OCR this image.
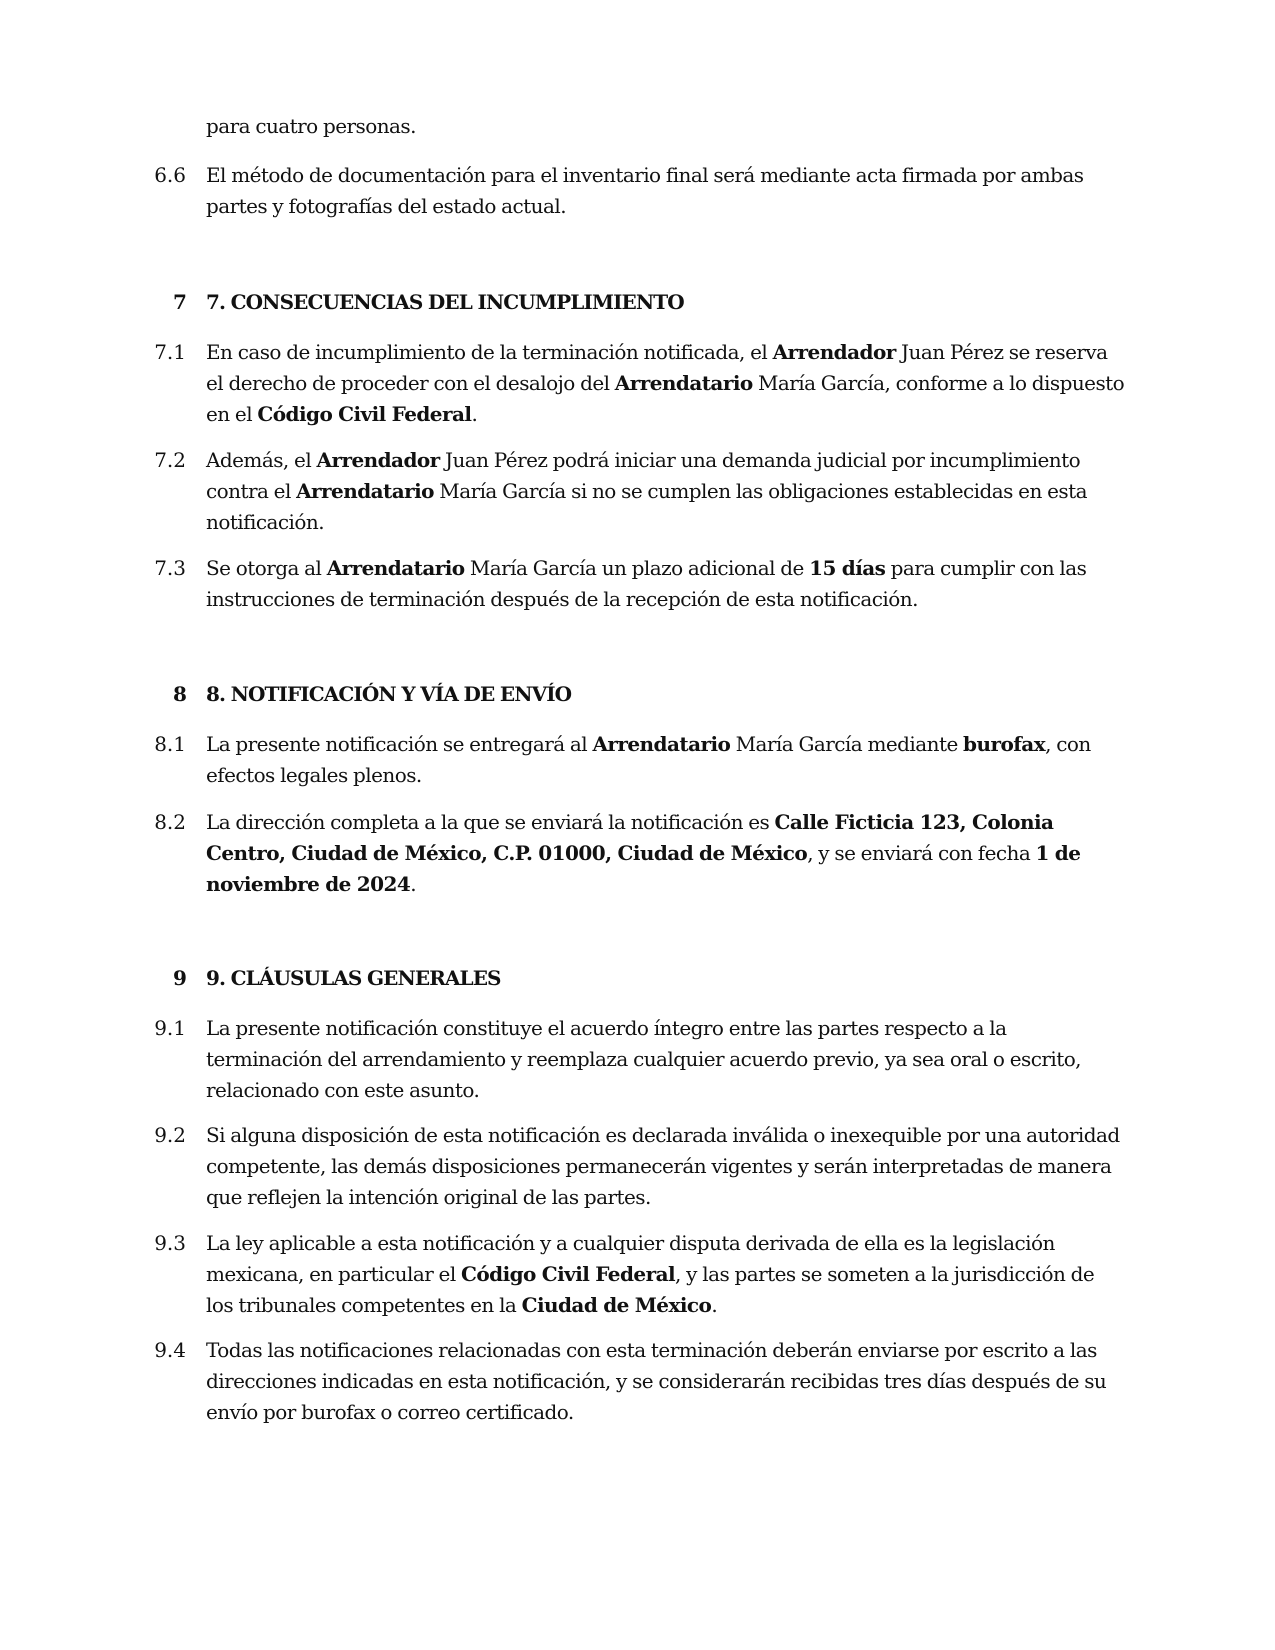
para cuatro personas.
6.6 El método de documentación para el inventario final será mediante acta firmada por ambas partes y fotografías del estado actual.
7 7. CONSECUENCIAS DEL INCUMPLIMIENTO
7.1 En caso de incumplimiento de la terminación notificada, el Arrendador Juan Pérez se reserva el derecho de proceder con el desalojo del Arrendatario María García, conforme a lo dispuesto en el Código Civil Federal.
7.2 Además, el Arrendador Juan Pérez podrá iniciar una demanda judicial por incumplimiento contra el Arrendatario María García si no se cumplen las obligaciones establecidas en esta notificación.
7.3 Se otorga al Arrendatario María García un plazo adicional de 15 días para cumplir con las instrucciones de terminación después de la recepción de esta notificación.
8 8. NOTIFICACIÓN Y VÍA DE ENVÍO
8.1 La presente notificación se entregará al Arrendatario María García mediante burofax, con efectos legales plenos.
8.2 La dirección completa a la que se enviará la notificación es Calle Ficticia 123, Colonia Centro, Ciudad de México, C.P. 01000, Ciudad de México, y se enviará con fecha 1 de noviembre de 2024.
9 9. CLÁUSULAS GENERALES
9.1 La presente notificación constituye el acuerdo íntegro entre las partes respecto a la terminación del arrendamiento y reemplaza cualquier acuerdo previo, ya sea oral o escrito, relacionado con este asunto.
9.2 Si alguna disposición de esta notificación es declarada inválida o inexequible por una autoridad competente, las demás disposiciones permanecerán vigentes y serán interpretadas de manera que reflejen la intención original de las partes.
9.3 La ley aplicable a esta notificación y a cualquier disputa derivada de ella es la legislación mexicana, en particular el Código Civil Federal, y las partes se someten a la jurisdicción de los tribunales competentes en la Ciudad de México.
9.4 Todas las notificaciones relacionadas con esta terminación deberán enviarse por escrito a las direcciones indicadas en esta notificación, y se considerarán recibidas tres días después de su envío por burofax o correo certificado.
